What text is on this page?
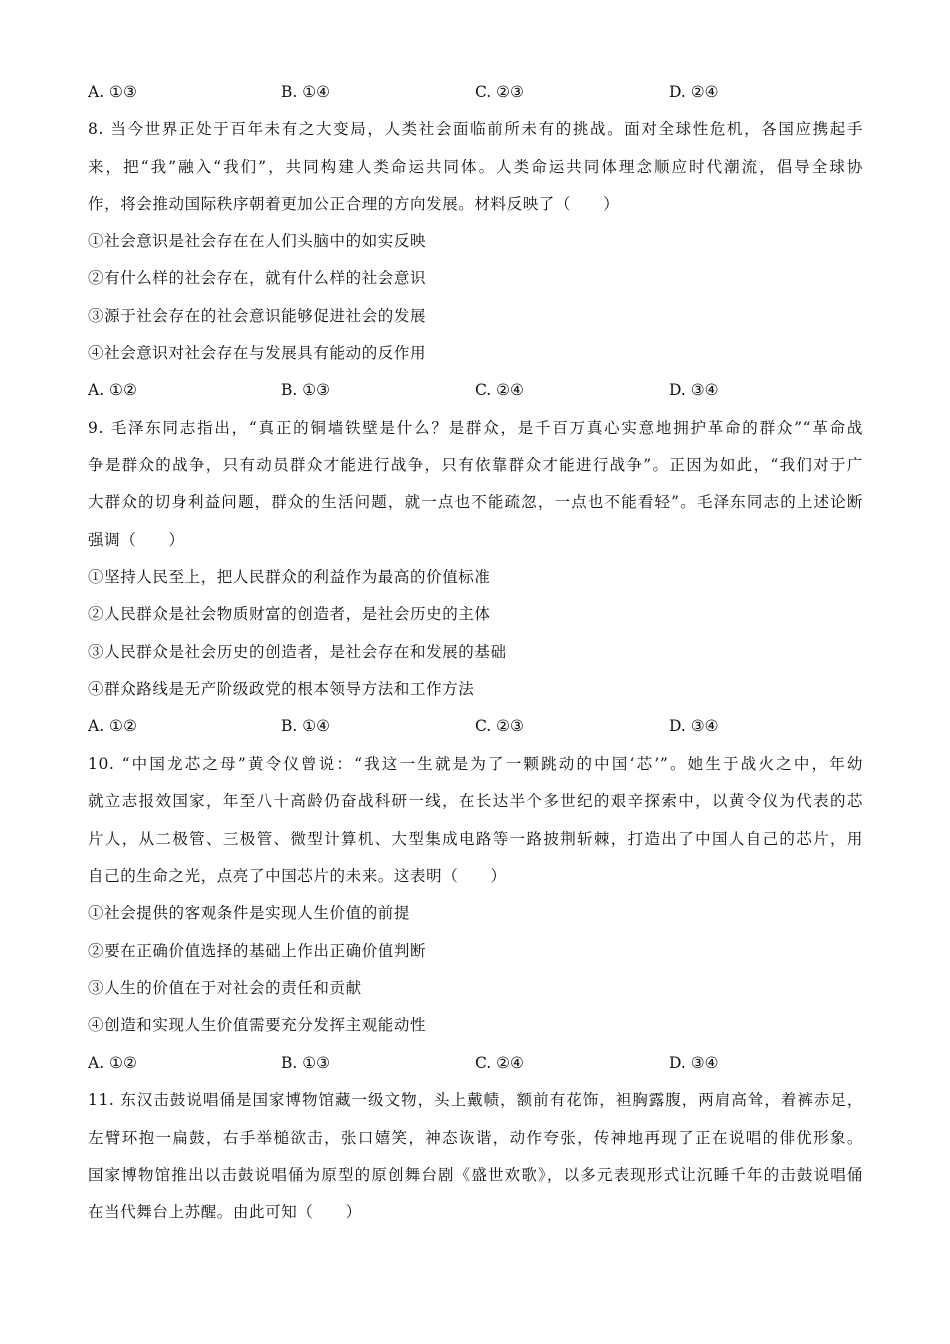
A. ①③	B. ①④	C. ②③	D. ②④
8. 当今世界正处于百年未有之大变局，人类社会面临前所未有的挑战。面对全球性危机，各国应携起手
来，把“我”融入“我们”，共同构建人类命运共同体。人类命运共同体理念顺应时代潮流，倡导全球协
作，将会推动国际秩序朝着更加公正合理的方向发展。材料反映了（　　）
①社会意识是社会存在在人们头脑中的如实反映
②有什么样的社会存在，就有什么样的社会意识
③源于社会存在的社会意识能够促进社会的发展
④社会意识对社会存在与发展具有能动的反作用
A. ①②	B. ①③	C. ②④	D. ③④
9. 毛泽东同志指出，“真正的铜墙铁壁是什么？是群众，是千百万真心实意地拥护革命的群众”“革命战
争是群众的战争，只有动员群众才能进行战争，只有依靠群众才能进行战争”。正因为如此，“我们对于广
大群众的切身利益问题，群众的生活问题，就一点也不能疏忽，一点也不能看轻”。毛泽东同志的上述论断
强调（　　）
①坚持人民至上，把人民群众的利益作为最高的价值标准
②人民群众是社会物质财富的创造者，是社会历史的主体
③人民群众是社会历史的创造者，是社会存在和发展的基础
④群众路线是无产阶级政党的根本领导方法和工作方法
A. ①②	B. ①④	C. ②③	D. ③④
10. “中国龙芯之母”黄令仪曾说：“我这一生就是为了一颗跳动的中国‘芯’”。她生于战火之中，年幼
就立志报效国家，年至八十高龄仍奋战科研一线，在长达半个多世纪的艰辛探索中，以黄令仪为代表的芯
片人，从二极管、三极管、微型计算机、大型集成电路等一路披荆斩棘，打造出了中国人自己的芯片，用
自己的生命之光，点亮了中国芯片的未来。这表明（　　）
①社会提供的客观条件是实现人生价值的前提
②要在正确价值选择的基础上作出正确价值判断
③人生的价值在于对社会的责任和贡献
④创造和实现人生价值需要充分发挥主观能动性
A. ①②	B. ①③	C. ②④	D. ③④
11. 东汉击鼓说唱俑是国家博物馆藏一级文物，头上戴帻，额前有花饰，袒胸露腹，两肩高耸，着裤赤足，
左臂环抱一扁鼓，右手举槌欲击，张口嬉笑，神态诙谐，动作夸张，传神地再现了正在说唱的俳优形象。
国家博物馆推出以击鼓说唱俑为原型的原创舞台剧《盛世欢歌》，以多元表现形式让沉睡千年的击鼓说唱俑
在当代舞台上苏醒。由此可知（　　）
